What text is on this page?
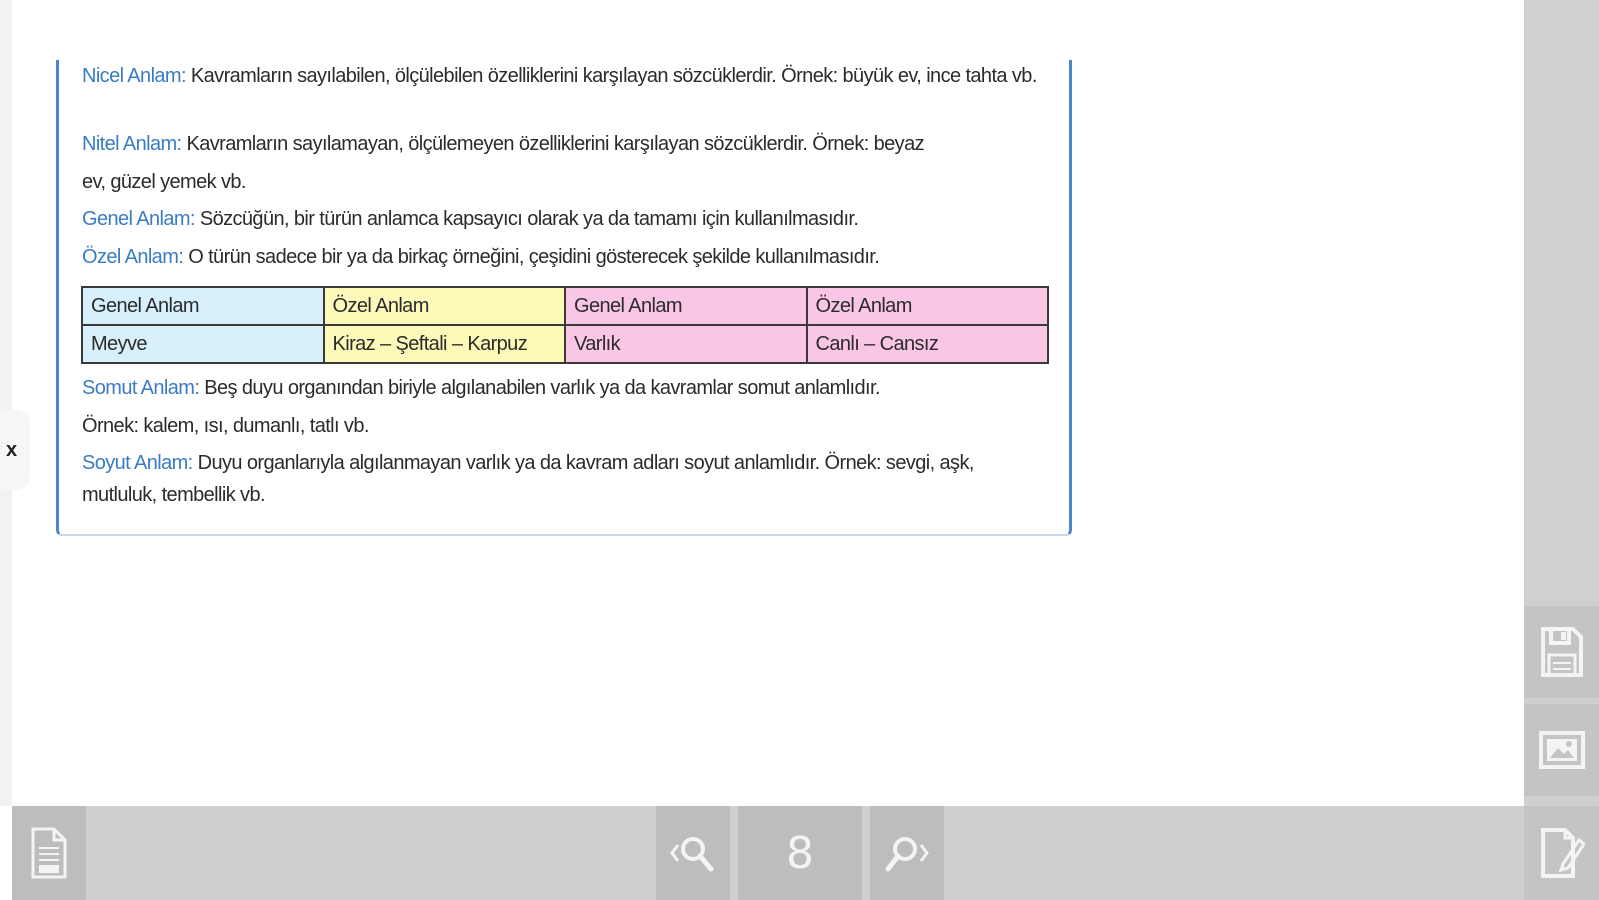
Nicel Anlam: Kavramların sayılabilen, ölçülebilen özelliklerini karşılayan sözcüklerdir. Örnek: büyük ev, ince tahta vb.
Nitel Anlam: Kavramların sayılamayan, ölçülemeyen özelliklerini karşılayan sözcüklerdir. Örnek: beyaz
ev, güzel yemek vb.
Genel Anlam: Sözcüğün, bir türün anlamca kapsayıcı olarak ya da tamamı için kullanılmasıdır.
Özel Anlam: O türün sadece bir ya da birkaç örneğini, çeşidini gösterecek şekilde kullanılmasıdır.
Genel Anlam	Özel Anlam	Genel Anlam	Özel Anlam
Meyve	Kiraz – Şeftali – Karpuz	Varlık	Canlı – Cansız
Somut Anlam: Beş duyu organından biriyle algılanabilen varlık ya da kavramlar somut anlamlıdır.
Örnek: kalem, ısı, dumanlı, tatlı vb.
Soyut Anlam: Duyu organlarıyla algılanmayan varlık ya da kavram adları soyut anlamlıdır. Örnek: sevgi, aşk, mutluluk, tembellik vb.
x
8
